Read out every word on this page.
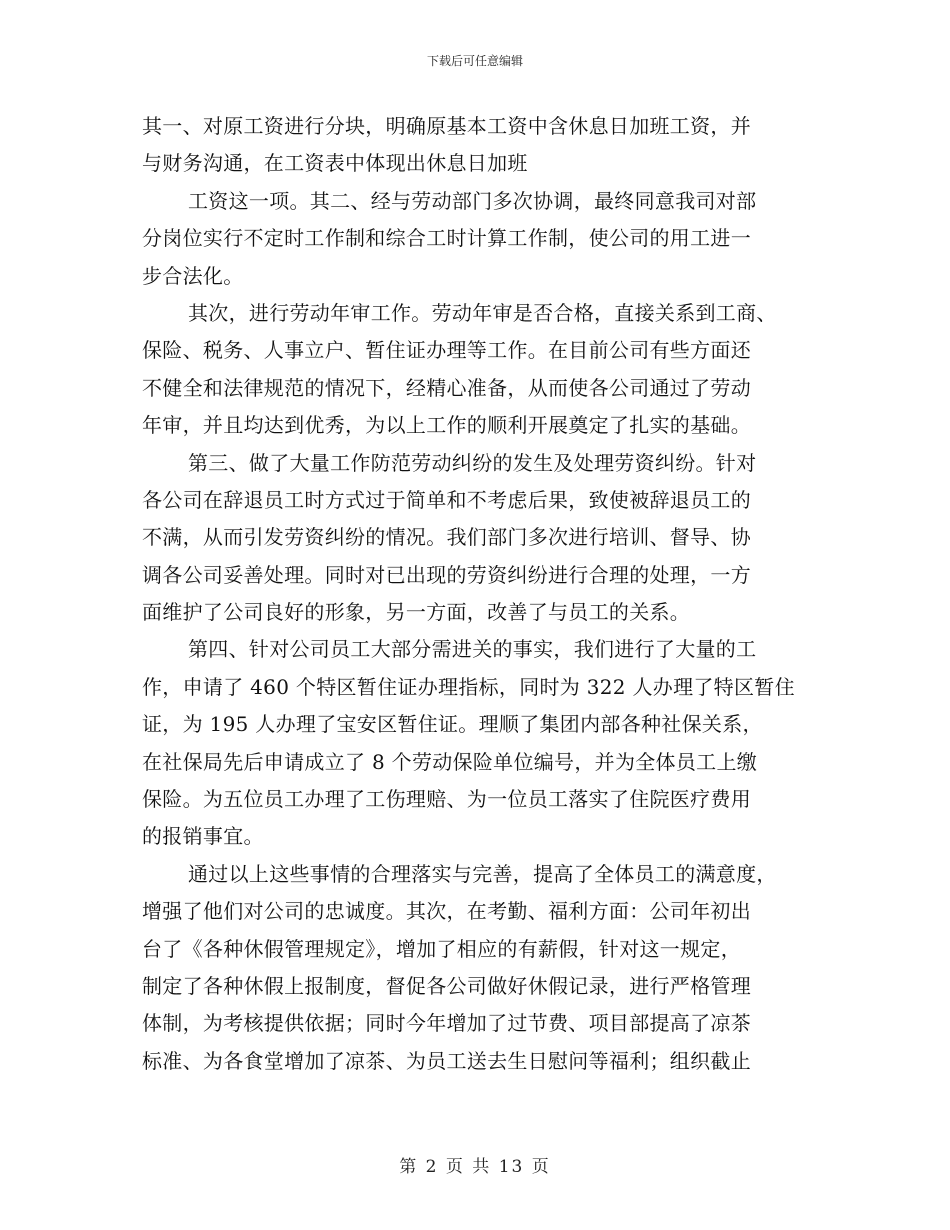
下载后可任意编辑
其一、对原工资进行分块，明确原基本工资中含休息日加班工资，并
与财务沟通，在工资表中体现出休息日加班
工资这一项。其二、经与劳动部门多次协调，最终同意我司对部
分岗位实行不定时工作制和综合工时计算工作制，使公司的用工进一
步合法化。
其次，进行劳动年审工作。劳动年审是否合格，直接关系到工商、
保险、税务、人事立户、暂住证办理等工作。在目前公司有些方面还
不健全和法律规范的情况下，经精心准备，从而使各公司通过了劳动
年审，并且均达到优秀，为以上工作的顺利开展奠定了扎实的基础。
第三、做了大量工作防范劳动纠纷的发生及处理劳资纠纷。针对
各公司在辞退员工时方式过于简单和不考虑后果，致使被辞退员工的
不满，从而引发劳资纠纷的情况。我们部门多次进行培训、督导、协
调各公司妥善处理。同时对已出现的劳资纠纷进行合理的处理，一方
面维护了公司良好的形象，另一方面，改善了与员工的关系。
第四、针对公司员工大部分需进关的事实，我们进行了大量的工
作，申请了 460 个特区暂住证办理指标，同时为 322 人办理了特区暂住
证，为 195 人办理了宝安区暂住证。理顺了集团内部各种社保关系，
在社保局先后申请成立了 8 个劳动保险单位编号，并为全体员工上缴
保险。为五位员工办理了工伤理赔、为一位员工落实了住院医疗费用
的报销事宜。
通过以上这些事情的合理落实与完善，提高了全体员工的满意度，
增强了他们对公司的忠诚度。其次，在考勤、福利方面：公司年初出
台了《各种休假管理规定》，增加了相应的有薪假，针对这一规定，
制定了各种休假上报制度，督促各公司做好休假记录，进行严格管理
体制，为考核提供依据；同时今年增加了过节费、项目部提高了凉茶
标准、为各食堂增加了凉茶、为员工送去生日慰问等福利；组织截止
第 2 页 共 13 页
